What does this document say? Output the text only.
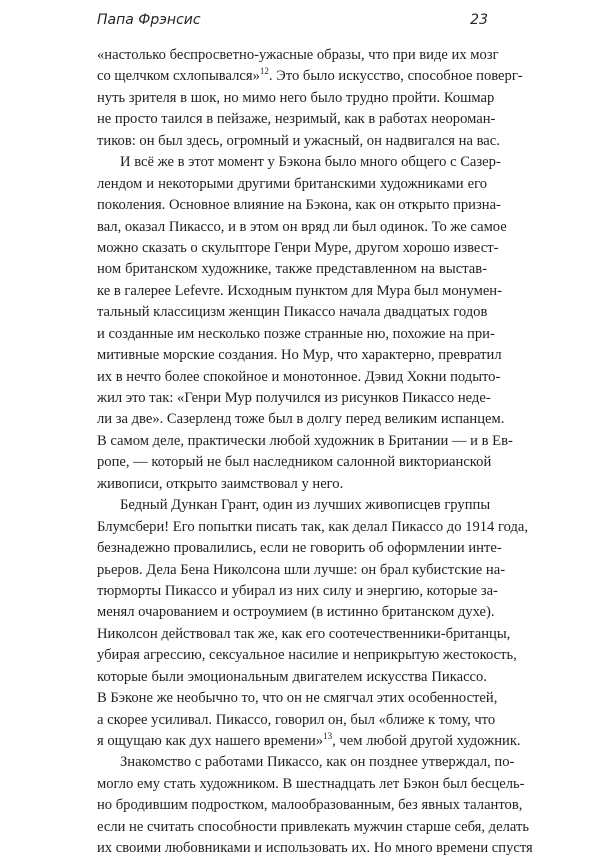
Папа Фрэнсис	23
«настолько беспросветно-ужасные образы, что при виде их мозг
со щелчком схлопывался»$^{12}$. Это было искусство, способное поверг-
нуть зрителя в шок, но мимо него было трудно пройти. Кошмар
не просто таился в пейзаже, незримый, как в работах неороман-
тиков: он был здесь, огромный и ужасный, он надвигался на вас.
И всё же в этот момент у Бэкона было много общего с Сазер-
лендом и некоторыми другими британскими художниками его
поколения. Основное влияние на Бэкона, как он открыто призна-
вал, оказал Пикассо, и в этом он вряд ли был одинок. То же самое
можно сказать о скульпторе Генри Муре, другом хорошо извест-
ном британском художнике, также представленном на выстав-
ке в галерее Lefevre. Исходным пунктом для Мура был монумен-
тальный классицизм женщин Пикассо начала двадцатых годов
и созданные им несколько позже странные ню, похожие на при-
митивные морские создания. Но Мур, что характерно, превратил
их в нечто более спокойное и монотонное. Дэвид Хокни подыто-
жил это так: «Генри Мур получился из рисунков Пикассо неде-
ли за две». Сазерленд тоже был в долгу перед великим испанцем.
В самом деле, практически любой художник в Британии — и в Ев-
ропе, — который не был наследником салонной викторианской
живописи, открыто заимствовал у него.
Бедный Дункан Грант, один из лучших живописцев группы
Блумсбери! Его попытки писать так, как делал Пикассо до 1914 года,
безнадежно провалились, если не говорить об оформлении инте-
рьеров. Дела Бена Николсона шли лучше: он брал кубистские на-
тюрморты Пикассо и убирал из них силу и энергию, которые за-
менял очарованием и остроумием (в истинно британском духе).
Николсон действовал так же, как его соотечественники-британцы,
убирая агрессию, сексуальное насилие и неприкрытую жестокость,
которые были эмоциональным двигателем искусства Пикассо.
В Бэконе же необычно то, что он не смягчал этих особенностей,
а скорее усиливал. Пикассо, говорил он, был «ближе к тому, что
я ощущаю как дух нашего времени»$^{13}$, чем любой другой художник.
Знакомство с работами Пикассо, как он позднее утверждал, по-
могло ему стать художником. В шестнадцать лет Бэкон был бесцель-
но бродившим подростком, малообразованным, без явных талантов,
если не считать способности привлекать мужчин старше себя, делать
их своими любовниками и использовать их. Но много времени спустя
